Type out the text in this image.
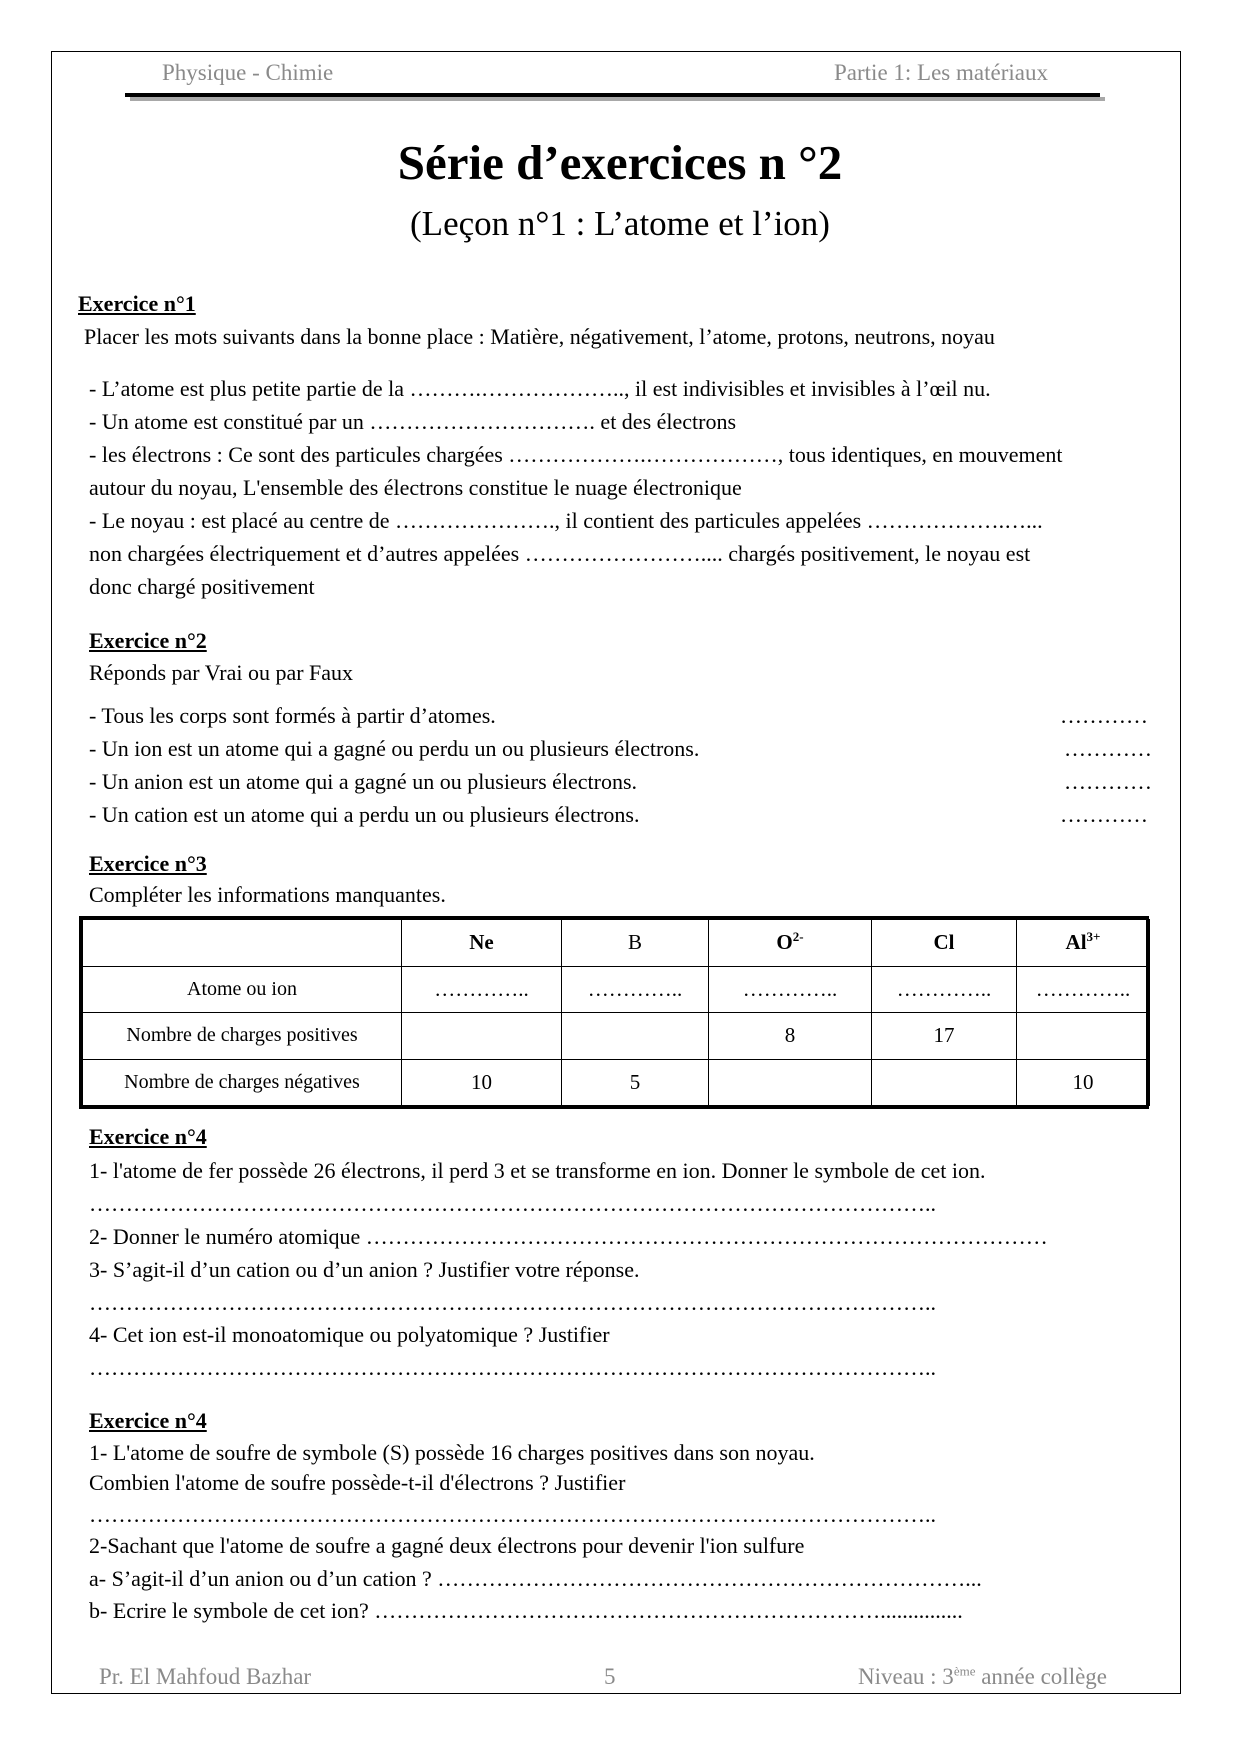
Physique - Chimie	Partie 1: Les matériaux
Série d’exercices n °2
(Leçon n°1 : L’atome et l’ion)
Exercice n°1
Placer les mots suivants dans la bonne place : Matière, négativement, l’atome, protons, neutrons, noyau
- L’atome est plus petite partie de la ……….……………….., il est indivisibles et invisibles à l’œil nu.
- Un atome est constitué par un …………………………. et des électrons
- les électrons : Ce sont des particules chargées ……………….………………, tous identiques, en mouvement
autour du noyau, L'ensemble des électrons constitue le nuage électronique
- Le noyau : est placé au centre de …………………., il contient des particules appelées ……………….…...
non chargées électriquement et d’autres appelées …………………….... chargés positivement, le noyau est
donc chargé positivement
Exercice n°2
Réponds par Vrai ou par Faux
- Tous les corps sont formés à partir d’atomes.	…………
- Un ion est un atome qui a gagné ou perdu un ou plusieurs électrons.	…………
- Un anion est un atome qui a gagné un ou plusieurs électrons.	…………
- Un cation est un atome qui a perdu un ou plusieurs électrons.	…………
Exercice n°3
Compléter les informations manquantes.
	Ne	B	$O^{2-}$	Cl	$Al^{3+}$
Atome ou ion	…………..	…………..	…………..	…………..	…………..
Nombre de charges positives			8	17	
Nombre de charges négatives	10	5			10
Exercice n°4
1- l'atome de fer possède 26 électrons, il perd 3 et se transforme en ion. Donner le symbole de cet ion.
……………………………………………………………………………………………………..
2- Donner le numéro atomique …………………………………………………………………………………
3- S’agit-il d’un cation ou d’un anion ? Justifier votre réponse.
……………………………………………………………………………………………………..
4- Cet ion est-il monoatomique ou polyatomique ? Justifier
……………………………………………………………………………………………………..
Exercice n°4
1- L'atome de soufre de symbole (S) possède 16 charges positives dans son noyau.
Combien l'atome de soufre possède-t-il d'électrons ? Justifier
……………………………………………………………………………………………………..
2-Sachant que l'atome de soufre a gagné deux électrons pour devenir l'ion sulfure
a- S’agit-il d’un anion ou d’un cation ? ………………………………………………………………...
b- Ecrire le symbole de cet ion? ……………………………………………………………...............
Pr. El Mahfoud Bazhar	5	Niveau : 3ème année collège
